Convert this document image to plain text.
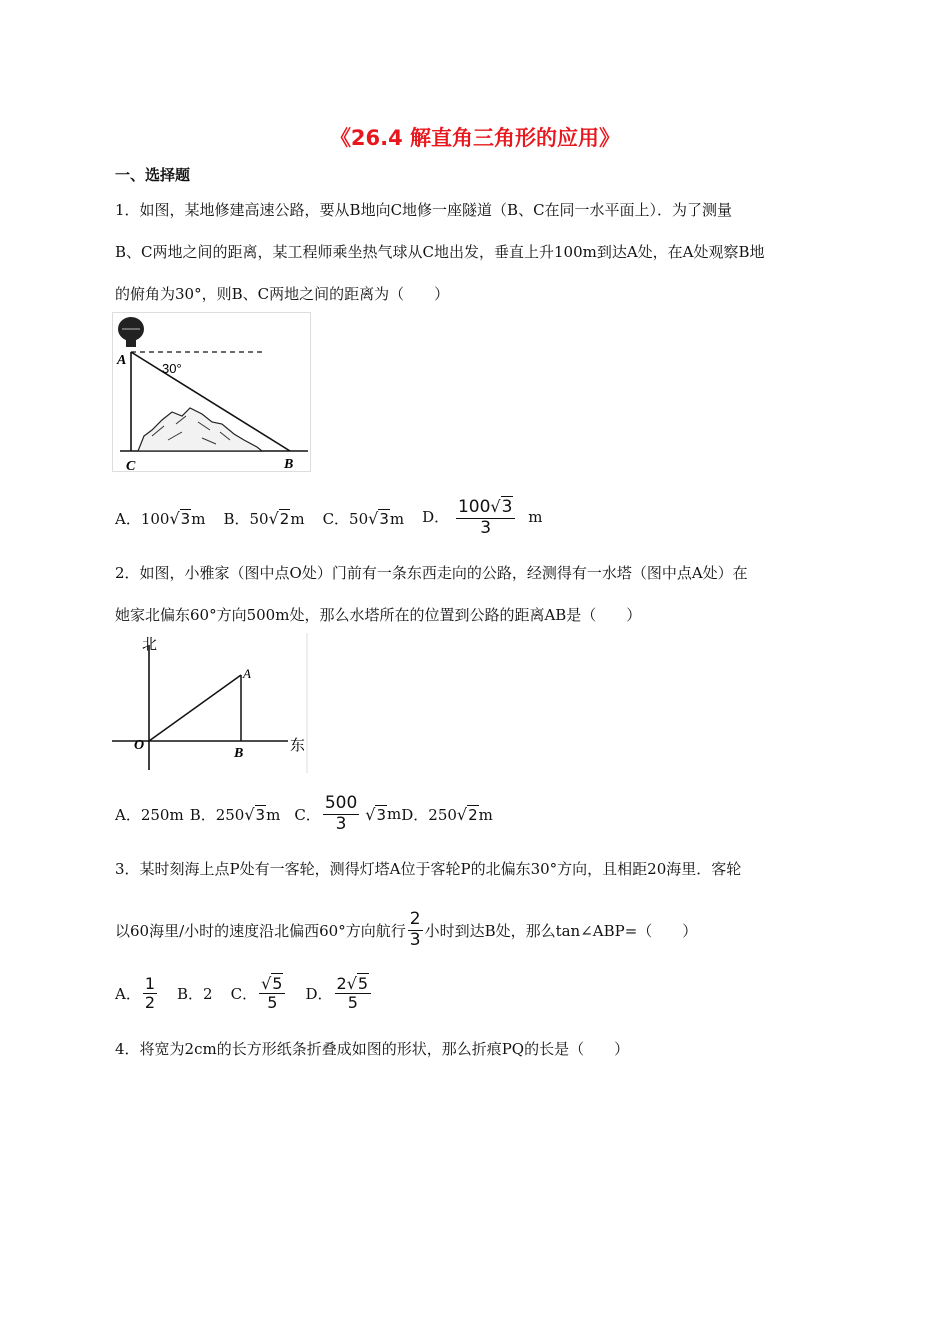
《26.4 解直角三角形的应用》
一、选择题
1．如图，某地修建高速公路，要从B地向C地修一座隧道（B、C在同一水平面上）．为了测量
B、C两地之间的距离，某工程师乘坐热气球从C地出发，垂直上升100m到达A处，在A处观察B地
的俯角为30°，则B、C两地之间的距离为（　　）
A
C	B
30°
A．100√3m B．50√2m C．50√3m D． $\frac{100√3}{3}$ m
2．如图，小雅家（图中点O处）门前有一条东西走向的公路，经测得有一水塔（图中点A处）在
她家北偏东60°方向500m处，那么水塔所在的位置到公路的距离AB是（　　）
北
东
O
A
B
A．250m B．250√3m C． $\frac{500}{3} √3$ m D．250√2m
3．某时刻海上点P处有一客轮，测得灯塔A位于客轮P的北偏东30°方向，且相距20海里．客轮
以60海里/小时的速度沿北偏西60°方向航行 $\frac{2}{3}$ 小时到达B处，那么tan∠ABP=（　　）
A． $\frac{1}{2}$ B．2 C． $\frac{√5}{5}$ D． $\frac{2√5}{5}$
4．将宽为2cm的长方形纸条折叠成如图的形状，那么折痕PQ的长是（　　）
